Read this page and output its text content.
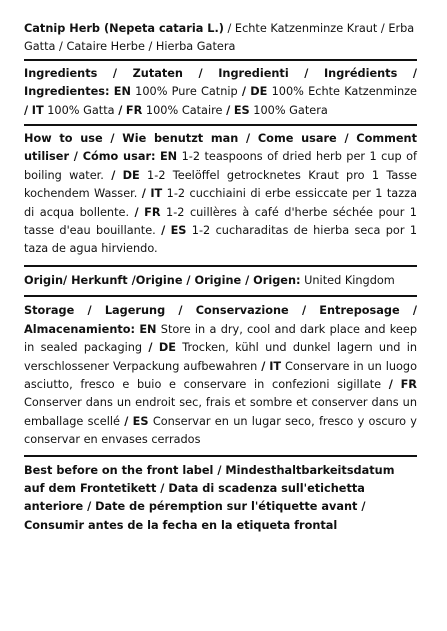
Catnip Herb (Nepeta cataria L.) / Echte Katzenminze Kraut / Erba Gatta / Cataire Herbe / Hierba Gatera
Ingredients / Zutaten / Ingredienti / Ingrédients / Ingredientes: EN 100% Pure Catnip / DE 100% Echte Katzenminze / IT 100% Gatta / FR 100% Cataire / ES 100% Gatera
How to use / Wie benutzt man / Come usare / Comment utiliser / Cómo usar: EN 1-2 teaspoons of dried herb per 1 cup of boiling water. / DE 1-2 Teelöffel getrocknetes Kraut pro 1 Tasse kochendem Wasser. / IT 1-2 cucchiaini di erbe essiccate per 1 tazza di acqua bollente. / FR 1-2 cuillères à café d'herbe séchée pour 1 tasse d'eau bouillante. / ES 1-2 cucharaditas de hierba seca por 1 taza de agua hirviendo.
Origin/ Herkunft /Origine / Origine / Origen: United Kingdom
Storage / Lagerung / Conservazione / Entreposage / Almacenamiento: EN Store in a dry, cool and dark place and keep in sealed packaging / DE Trocken, kühl und dunkel lagern und in verschlossener Verpackung aufbewahren / IT Conservare in un luogo asciutto, fresco e buio e conservare in confezioni sigillate / FR Conserver dans un endroit sec, frais et sombre et conserver dans un emballage scellé / ES Conservar en un lugar seco, fresco y oscuro y conservar en envases cerrados
Best before on the front label / Mindesthaltbarkeitsdatum auf dem Frontetikett / Data di scadenza sull'etichetta anteriore / Date de péremption sur l'étiquette avant / Consumir antes de la fecha en la etiqueta frontal
